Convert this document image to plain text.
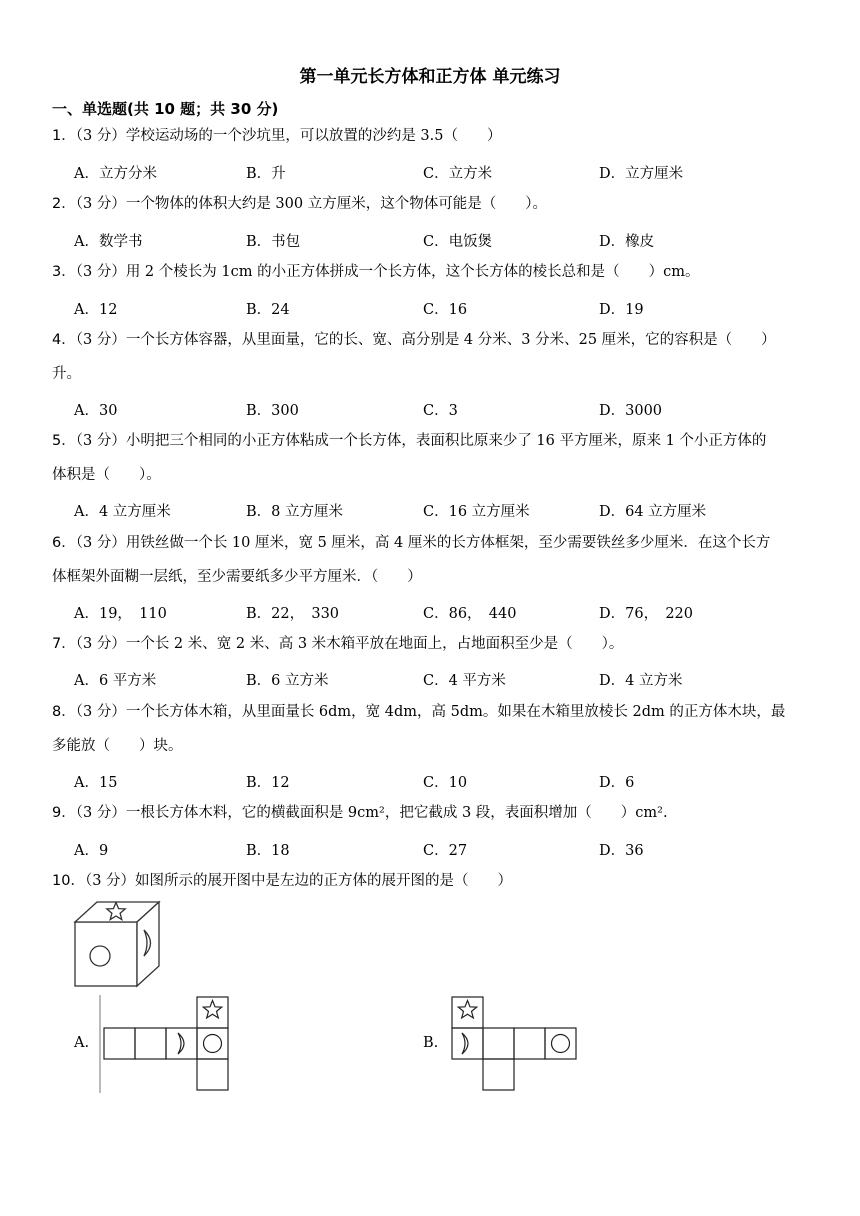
第一单元长方体和正方体 单元练习
一、单选题(共 10 题；共 30 分)
1．（3 分）学校运动场的一个沙坑里，可以放置的沙约是 3.5（　　）
A．立方分米	B．升	C．立方米	D．立方厘米
2．（3 分）一个物体的体积大约是 300 立方厘米，这个物体可能是（　　）。
A．数学书	B．书包	C．电饭煲	D．橡皮
3．（3 分）用 2 个棱长为 1cm 的小正方体拼成一个长方体，这个长方体的棱长总和是（　　）cm。
A．12	B．24	C．16	D．19
4．（3 分）一个长方体容器，从里面量，它的长、宽、高分别是 4 分米、3 分米、25 厘米，它的容积是（　　）
升。
A．30	B．300	C．3	D．3000
5．（3 分）小明把三个相同的小正方体粘成一个长方体，表面积比原来少了 16 平方厘米，原来 1 个小正方体的
体积是（　　）。
A．4 立方厘米	B．8 立方厘米	C．16 立方厘米	D．64 立方厘米
6．（3 分）用铁丝做一个长 10 厘米，宽 5 厘米，高 4 厘米的长方体框架，至少需要铁丝多少厘米．在这个长方
体框架外面糊一层纸，至少需要纸多少平方厘米．（　　）
A．19，　110	B．22，　330	C．86，　440	D．76，　220
7．（3 分）一个长 2 米、宽 2 米、高 3 米木箱平放在地面上，占地面积至少是（　　）。
A．6 平方米	B．6 立方米	C．4 平方米	D．4 立方米
8．（3 分）一个长方体木箱，从里面量长 6dm，宽 4dm，高 5dm。如果在木箱里放棱长 2dm 的正方体木块，最
多能放（　　）块。
A．15	B．12	C．10	D．6
9．（3 分）一根长方体木料，它的横截面积是 9cm²，把它截成 3 段，表面积增加（　　）cm².
A．9	B．18	C．27	D．36
10．（3 分）如图所示的展开图中是左边的正方体的展开图的是（　　）
A.	B.
